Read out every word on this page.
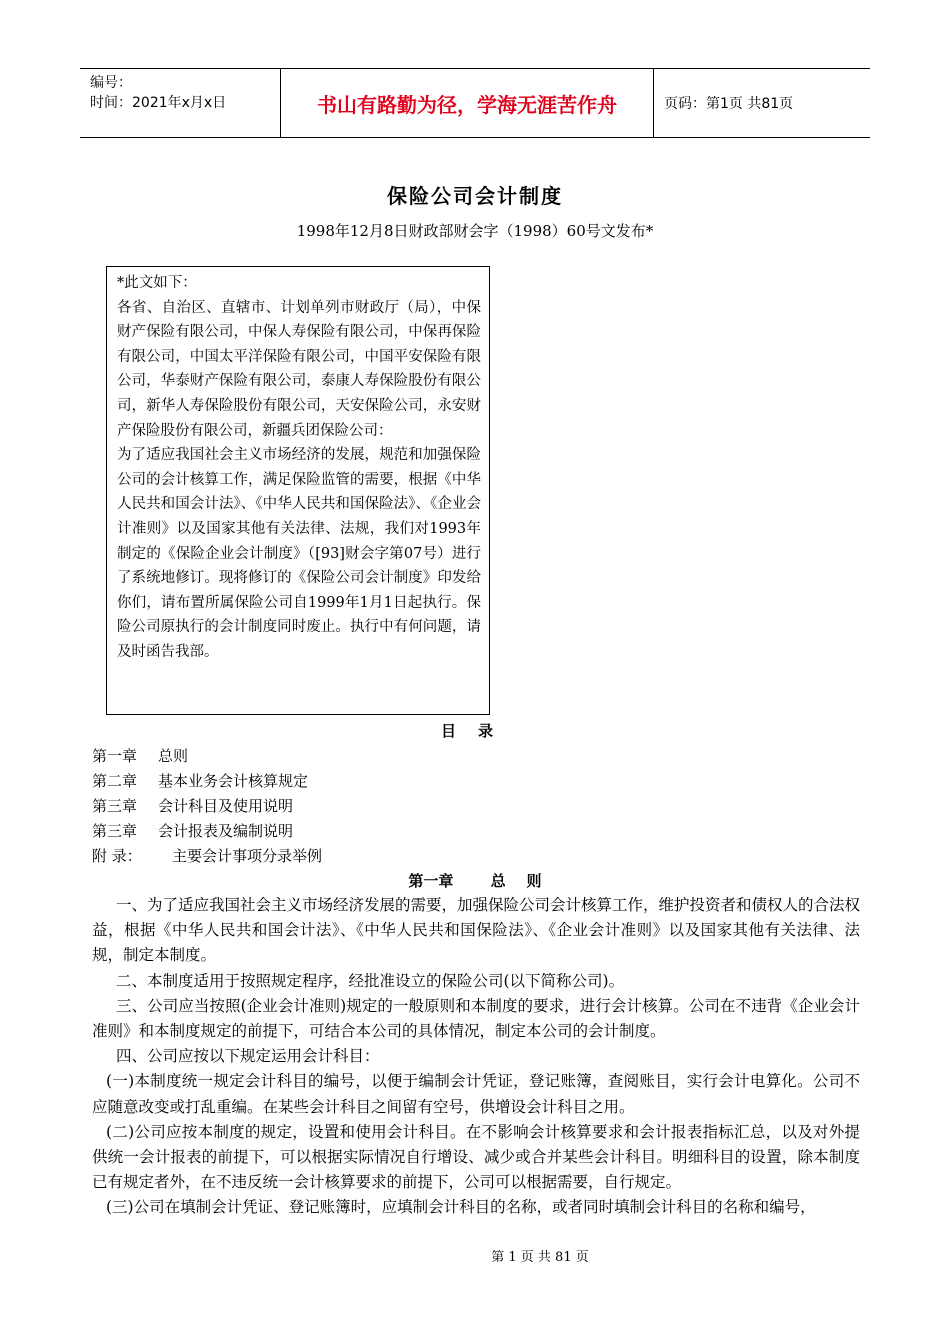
编号：
时间：2021年x月x日	书山有路勤为径，学海无涯苦作舟	页码：第1页 共81页
保险公司会计制度
1998年12月8日财政部财会字（1998）60号文发布*

*此文如下：

各省、自治区、直辖市、计划单列市财政厅（局），中保财产保险有限公司，中保人寿保险有限公司，中保再保险有限公司，中国太平洋保险有限公司，中国平安保险有限公司，华泰财产保险有限公司，泰康人寿保险股份有限公司，新华人寿保险股份有限公司，天安保险公司，永安财产保险股份有限公司，新疆兵团保险公司：

为了适应我国社会主义市场经济的发展，规范和加强保险公司的会计核算工作，满足保险监管的需要，根据《中华人民共和国会计法》、《中华人民共和国保险法》、《企业会计准则》以及国家其他有关法律、法规，我们对1993年制定的《保险企业会计制度》（[93]财会字第07号）进行了系统地修订。现将修订的《保险公司会计制度》印发给你们，请布置所属保险公司自1999年1月1日起执行。保险公司原执行的会计制度同时废止。执行中有何问题，请及时函告我部。

目录
第一章	总则
第二章	基本业务会计核算规定
第三章	会计科目及使用说明
第三章	会计报表及编制说明
附 录：	主要会计事项分录举例
第一章 总    则

一、为了适应我国社会主义市场经济发展的需要，加强保险公司会计核算工作，维护投资者和债权人的合法权益，根据《中华人民共和国会计法》、《中华人民共和国保险法》、《企业会计准则》以及国家其他有关法律、法规，制定本制度。

二、本制度适用于按照规定程序，经批准设立的保险公司(以下简称公司)。

三、公司应当按照(企业会计准则)规定的一般原则和本制度的要求，进行会计核算。公司在不违背《企业会计准则》和本制度规定的前提下，可结合本公司的具体情况，制定本公司的会计制度。

四、公司应按以下规定运用会计科目：

(一)本制度统一规定会计科目的编号，以便于编制会计凭证，登记账簿，查阅账目，实行会计电算化。公司不应随意改变或打乱重编。在某些会计科目之间留有空号，供增设会计科目之用。

(二)公司应按本制度的规定，设置和使用会计科目。在不影响会计核算要求和会计报表指标汇总，以及对外提供统一会计报表的前提下，可以根据实际情况自行增设、减少或合并某些会计科目。明细科目的设置，除本制度已有规定者外，在不违反统一会计核算要求的前提下，公司可以根据需要，自行规定。

(三)公司在填制会计凭证、登记账簿时，应填制会计科目的名称，或者同时填制会计科目的名称和编号，

第 1 页 共 81 页
